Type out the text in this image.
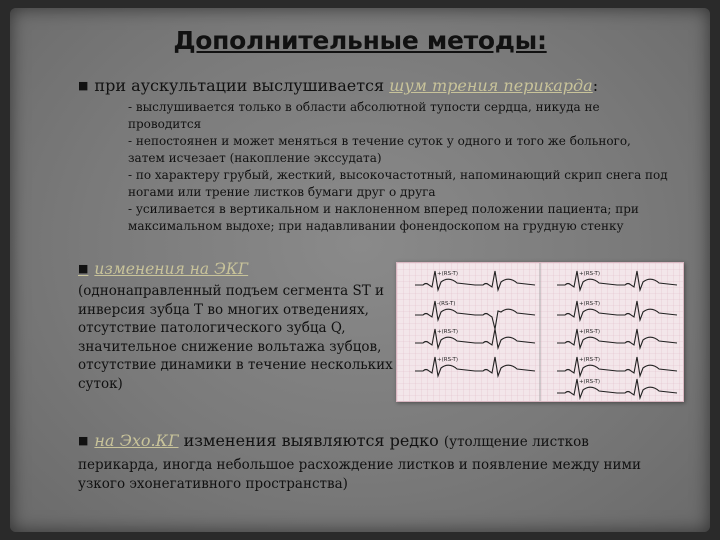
Дополнительные методы:
■ при аускультации выслушивается шум трения перикарда:
- выслушивается только в области абсолютной тупости сердца, никуда не проводится
- непостоянен и может меняться в течение суток у одного и того же больного, затем исчезает (накопление экссудата)
- по характеру грубый, жесткий, высокочастотный, напоминающий скрип снега под ногами или трение листков бумаги друг о друга
- усиливается в вертикальном и наклоненном вперед положении пациента; при максимальном выдохе; при надавливании фонендоскопом на грудную стенку
■ изменения на ЭКГ
(однонаправленный подъем сегмента ST и инверсия зубца T во многих отведениях, отсутствие патологического зубца Q, значительное снижение вольтажа зубцов, отсутствие динамики в течение нескольких суток)
+(RS-T)	+(RS-T)
-(RS-T)	+(RS-T)
+(RS-T)	+(RS-T)
+(RS-T)	+(RS-T)
+(RS-T)
■ на Эхо.КГ изменения выявляются редко (утолщение листков
перикарда, иногда небольшое расхождение листков и появление между ними узкого эхонегативного пространства)
